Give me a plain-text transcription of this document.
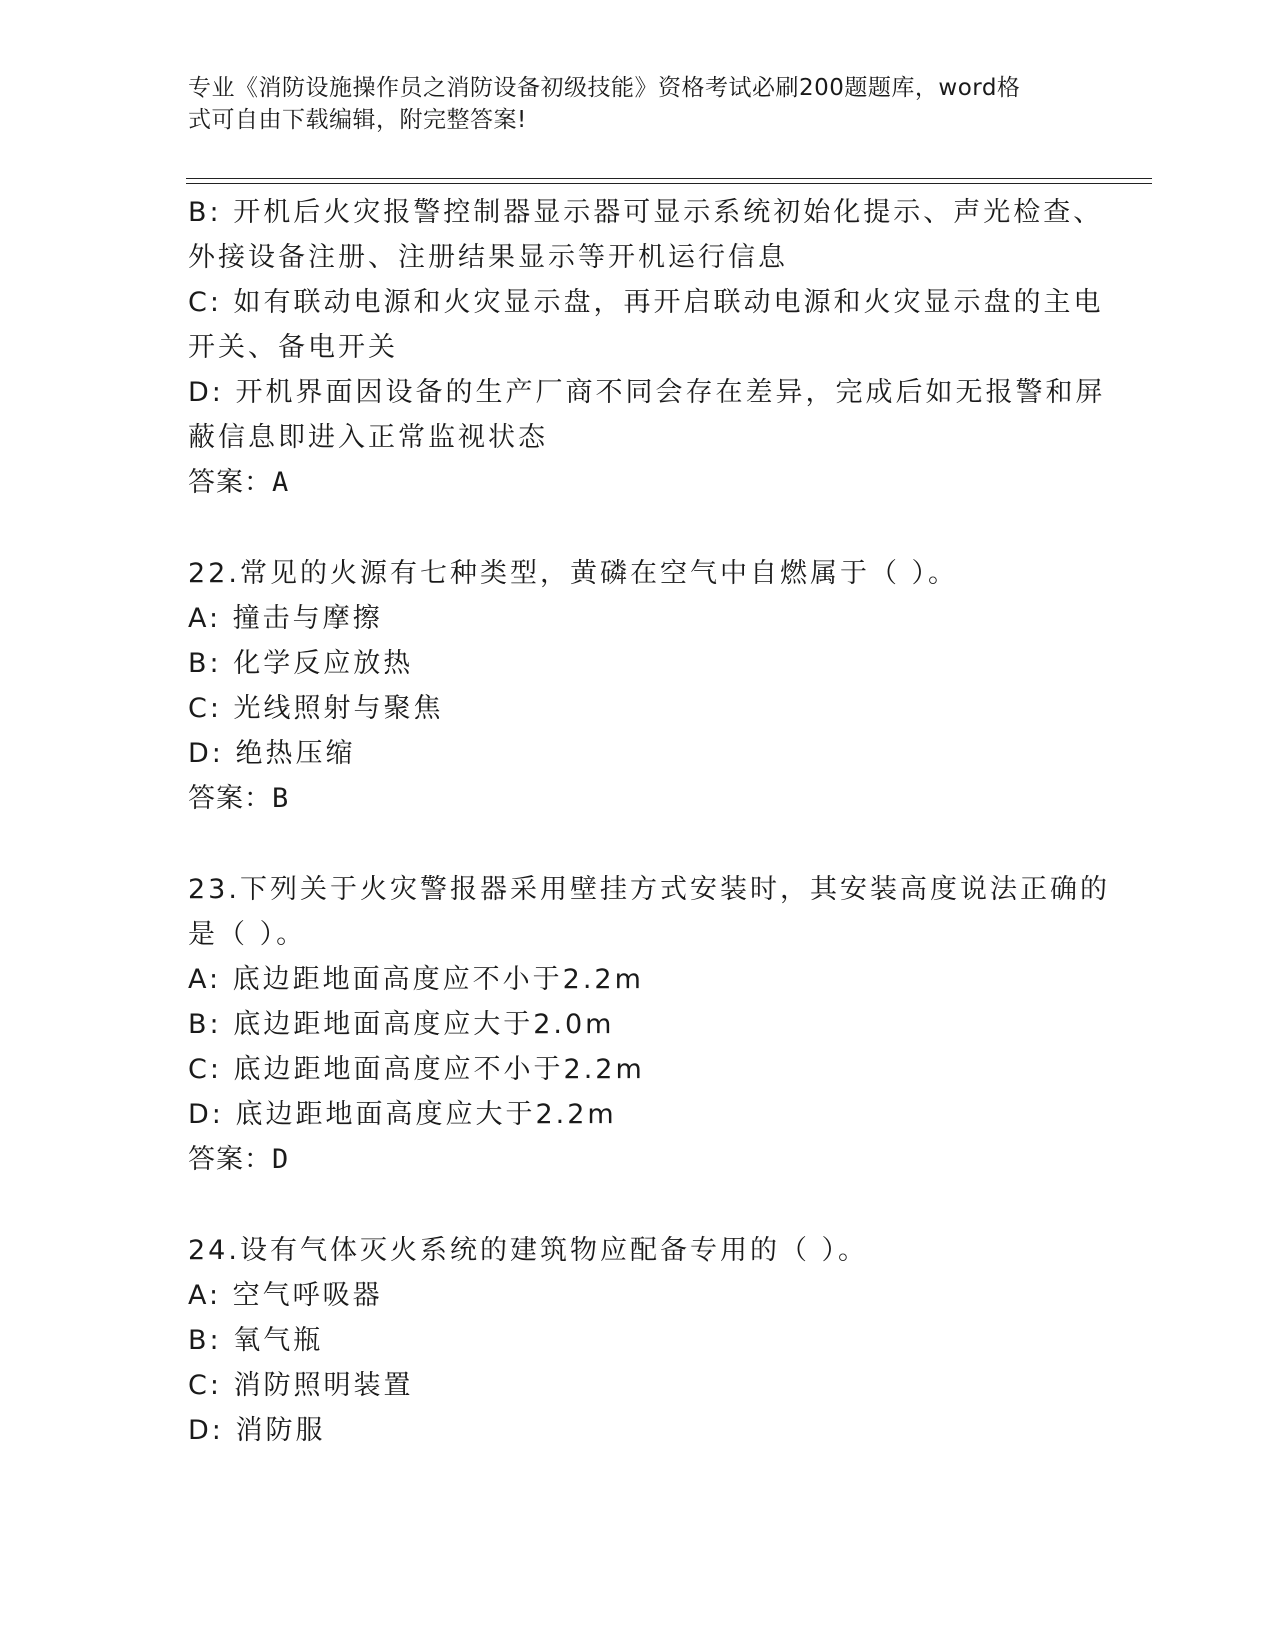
专业《消防设施操作员之消防设备初级技能》资格考试必刷200题题库，word格
式可自由下载编辑，附完整答案!
B: 开机后火灾报警控制器显示器可显示系统初始化提示、声光检查、
外接设备注册、注册结果显示等开机运行信息
C: 如有联动电源和火灾显示盘，再开启联动电源和火灾显示盘的主电
开关、备电开关
D: 开机界面因设备的生产厂商不同会存在差异，完成后如无报警和屏
蔽信息即进入正常监视状态
答案：A
22.常见的火源有七种类型，黄磷在空气中自燃属于（ ）。
A: 撞击与摩擦
B: 化学反应放热
C: 光线照射与聚焦
D: 绝热压缩
答案：B
23.下列关于火灾警报器采用壁挂方式安装时，其安装高度说法正确的
是（ ）。
A: 底边距地面高度应不小于2.2m
B: 底边距地面高度应大于2.0m
C: 底边距地面高度应不小于2.2m
D: 底边距地面高度应大于2.2m
答案：D
24.设有气体灭火系统的建筑物应配备专用的（ ）。
A: 空气呼吸器
B: 氧气瓶
C: 消防照明装置
D: 消防服
